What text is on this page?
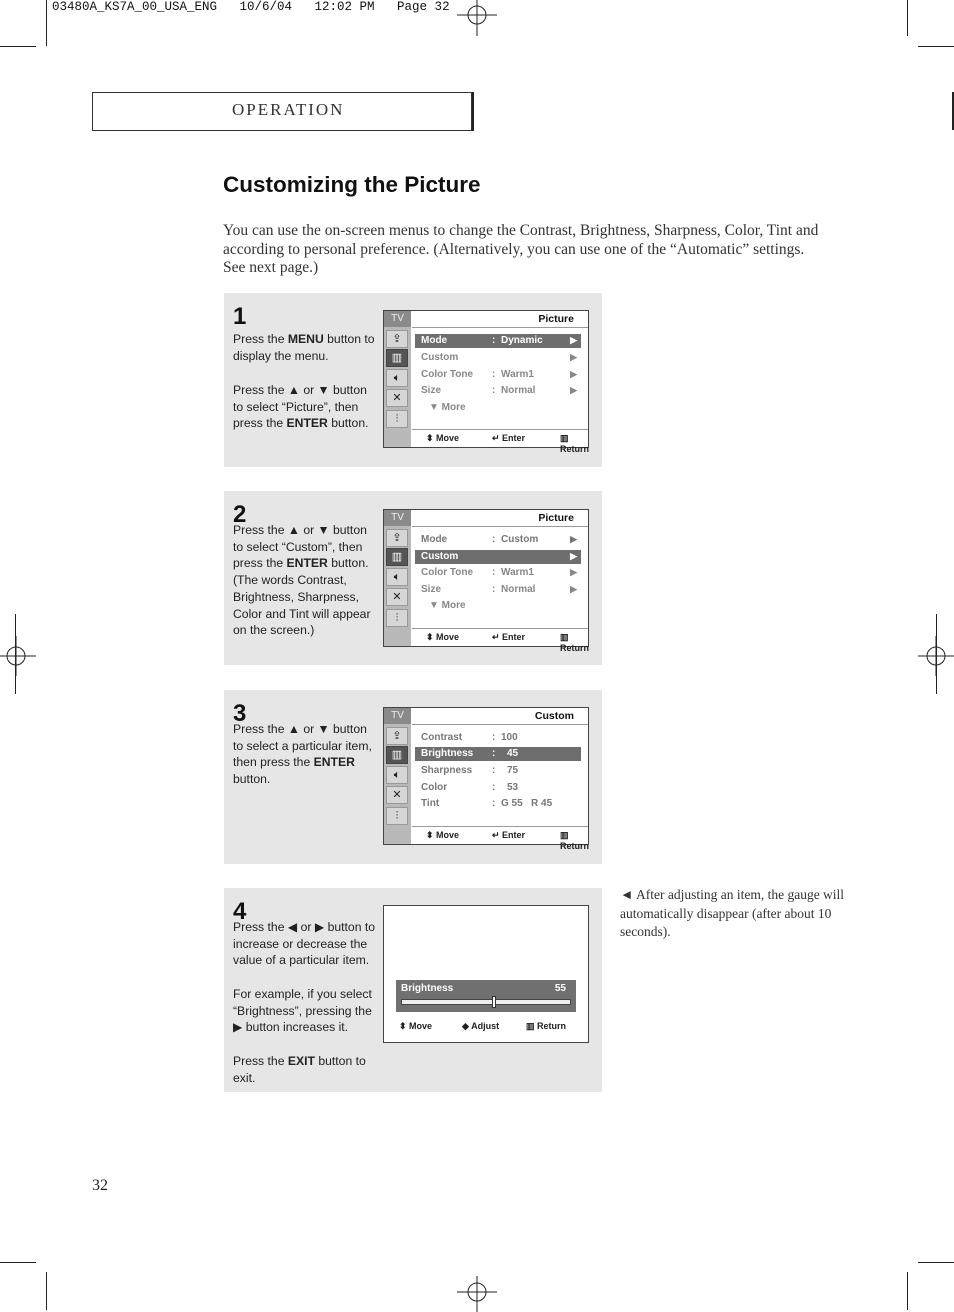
03480A_KS7A_00_USA_ENG   10/6/04   12:02 PM   Page 32
OPERATION
Customizing the Picture
You can use the on-screen menus to change the Contrast, Brightness, Sharpness, Color, Tint and according to personal preference. (Alternatively, you can use one of the “Automatic” settings. See next page.)
1
Press the MENU button to display the menu.
Press the ▲ or ▼ button to select “Picture”, then press the ENTER button.
TV
⇪
▥
🔈︎
✕
⫶
Picture
Mode	: Dynamic	▶
Custom	▶
Color Tone : Warm1	▶
Size	: Normal	▶
▼ More
⬍ Move	↵ Enter	▥ Return
2
Press the ▲ or ▼ button to select “Custom”, then press the ENTER button. (The words Contrast, Brightness, Sharpness, Color and Tint will appear on the screen.)
TV
⇪
▥
🔈︎
✕
⫶
Picture
Mode	: Custom	▶
Custom	▶
Color Tone : Warm1	▶
Size	: Normal	▶
▼ More
⬍ Move	↵ Enter	▥ Return
3
Press the ▲ or ▼ button to select a particular item, then press the ENTER button.
TV
⇪
▥
🔈︎
✕
⫶
Custom
Contrast	: 100
Brightness : 45
Sharpness : 75
Color	: 53
Tint	: G 55   R 45
⬍ Move	↵ Enter	▥ Return
4
Press the ◀ or ▶ button to increase or decrease the value of a particular item.
For example, if you select “Brightness”, pressing the ▶ button increases it.
Press the EXIT button to exit.
Brightness	55
⬍ Move	◆ Adjust	▥ Return
◄ After adjusting an item, the gauge will automatically disappear (after about 10 seconds).
32
